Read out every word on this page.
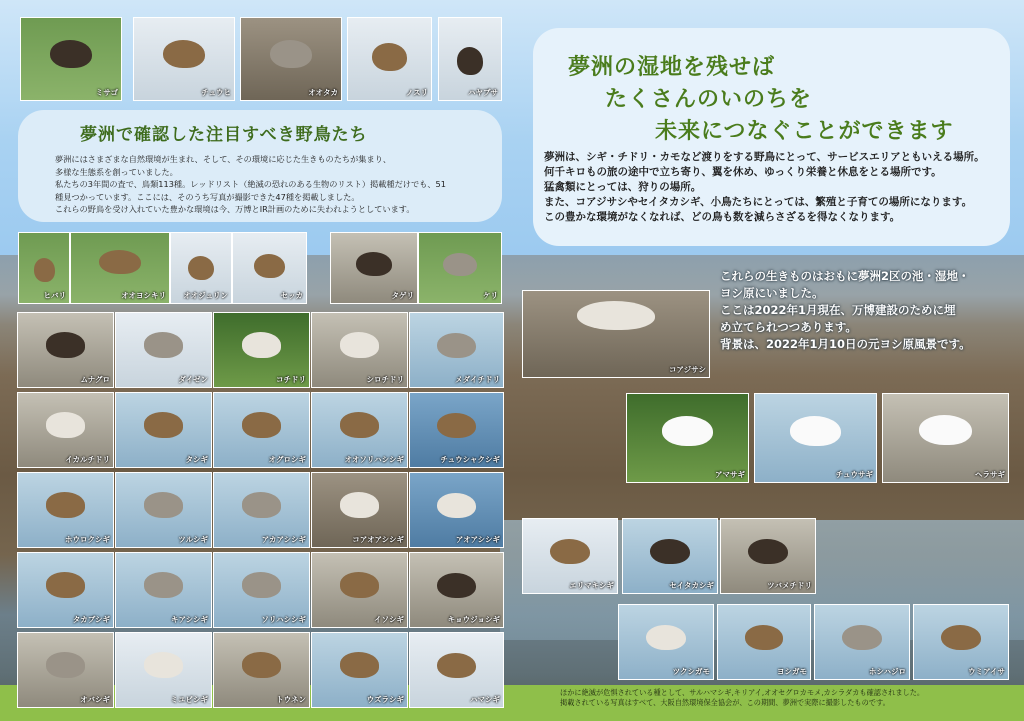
ミサゴ	チュウヒ	オオタカ	ノスリ	ハヤブサ
夢洲で確認した注目すべき野鳥たち

夢洲にはさまざまな自然環境が生まれ、そして、その環境に応じた生きものたちが集まり、

多様な生態系を創っていました。

私たちの3年間の査で、鳥類113種。レッドリスト（絶滅の恐れのある生物のリスト）掲載種だけでも、51

種見つかっています。ここには、そのうち写真が撮影できた47種を掲載しました。

これらの野鳥を受け入れていた豊かな環境は今、万博とIR計画のために失われようとしています。

夢洲の湿地を残せば
たくさんのいのちを
未来につなぐことができます

夢洲は、シギ・チドリ・カモなど渡りをする野鳥にとって、サービスエリアともいえる場所。

何千キロもの旅の途中で立ち寄り、翼を休め、ゆっくり栄養と休息をとる場所です。

猛禽類にとっては、狩りの場所。

また、コアジサシやセイタカシギ、小鳥たちにとっては、繁殖と子育ての場所になります。

この豊かな環境がなくなれば、どの鳥も数を減らさざるを得なくなります。

ヒバリ	オオヨシキリ オオジュリン	セッカ	タゲリ	ケリ
ムナグロ	ダイゼン	コチドリ	シロチドリ	メダイチドリ
イカルチドリ	タシギ	オグロシギ	オオソリハシシギ	チュウシャクシギ
ホウロクシギ	ツルシギ	アカアシシギ	コアオアシシギ	アオアシシギ
タカブシギ	キアシシギ	ソリハシシギ	イソシギ	キョウジョシギ
オバシギ	ミユビシギ	トウネン	ウズラシギ	ハマシギ
コアジサシ

これらの生きものはおもに夢洲2区の池・湿地・

ヨシ原にいました。

ここは2022年1月現在、万博建設のために埋

め立てられつつあります。

背景は、2022年1月10日の元ヨシ原風景です。

アマサギ	チュウサギ	ヘラサギ
エリマキシギ	セイタカシギ	ツバメチドリ
ツクシガモ	ヨシガモ	ホシハジロ	ウミアイサ

ほかに絶滅が危惧されている種として、サルハマシギ,キリアイ,オオセグロカモメ,カシラダカも確認されました。

掲載されている写真はすべて、大阪自然環境保全協会が、この期間、夢洲で実際に撮影したものです。
